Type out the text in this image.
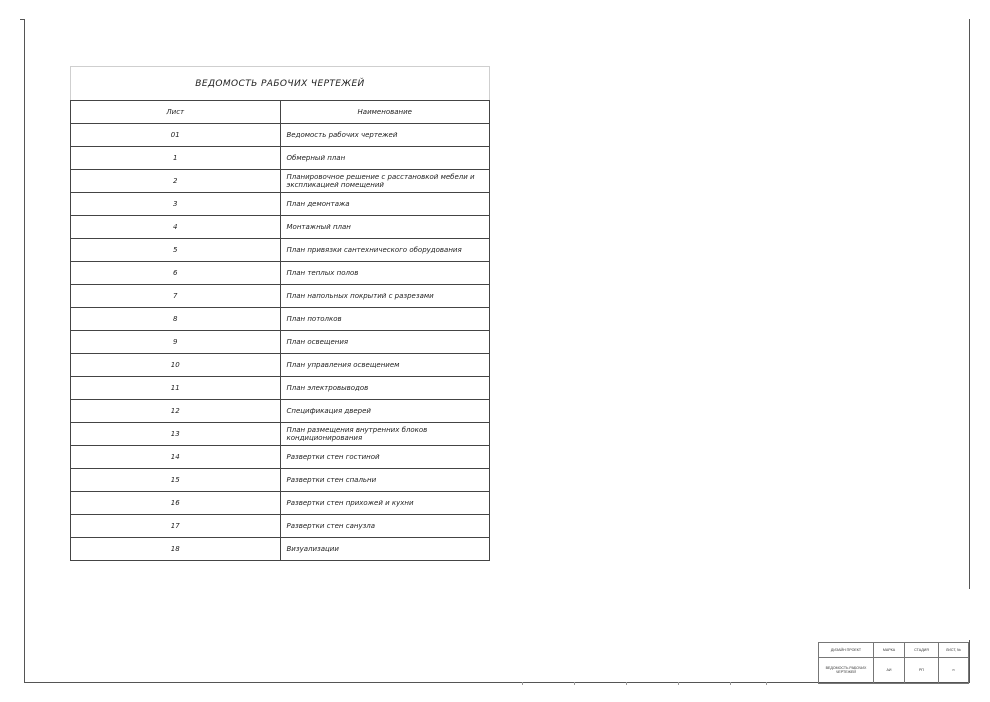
ВЕДОМОСТЬ РАБОЧИХ ЧЕРТЕЖЕЙ	
Лист	Наименование
01	Ведомость рабочих чертежей
1	Обмерный план
2	Планировочное решение с расстановкой мебели и экспликацией помещений
3	План демонтажа
4	Монтажный план
5	План привязки сантехнического оборудования
6	План теплых полов
7	План напольных покрытий с разрезами
8	План потолков
9	План освещения
10	План управления освещением
11	План электровыводов
12	Спецификация дверей
13	План размещения внутренних блоков кондиционирования
14	Развертки стен гостиной
15	Развертки стен спальни
16	Развертки стен прихожей и кухни
17	Развертки стен санузла
18	Визуализации
ДИЗАЙН ПРОЕКТ	МАРКА	СТАДИЯ	ЛИСТ, №
ВЕДОМОСТЬ РАБОЧИХ ЧЕРТЕЖЕЙ	АИ	РП	н
